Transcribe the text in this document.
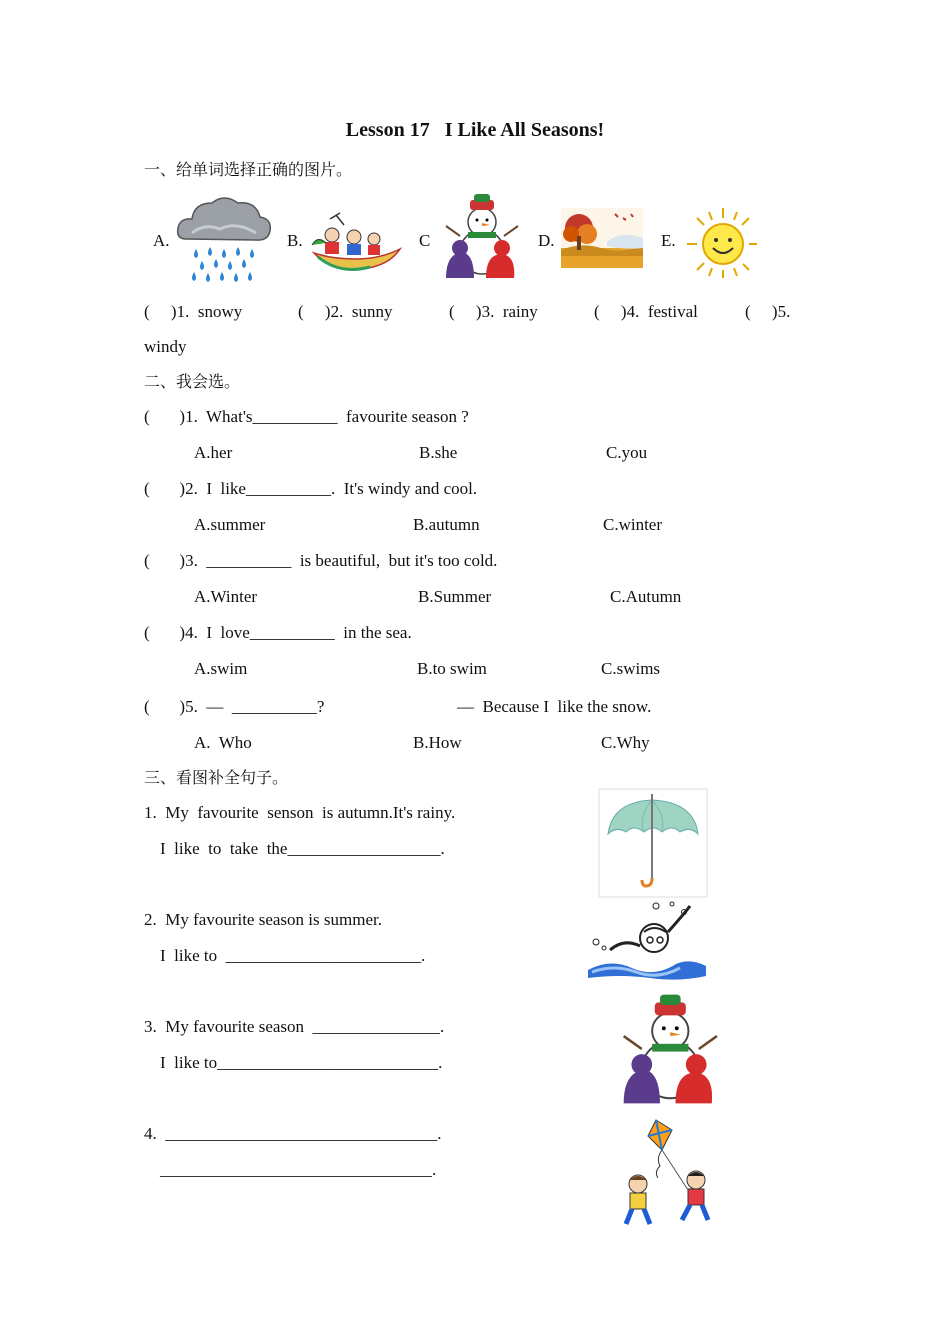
Lesson 17   I Like All Seasons!
一、给单词选择正确的图片。
A.	B.	C	D.	E.
(     )1.  snowy	(     )2.  sunny	(     )3.  rainy	(     )4.  festival	(     )5.
windy
二、我会选。
(       )1.  What's__________  favourite season ?
A.her	B.she	C.you
(       )2.  I  like__________.  It's windy and cool.
A.summer	B.autumn	C.winter
(       )3.  __________  is beautiful,  but it's too cold.
A.Winter	B.Summer	C.Autumn
(       )4.  I  love__________  in the sea.
A.swim	B.to swim	C.swims
(       )5.  —  __________?	—  Because I  like the snow.
A.  Who	B.How	C.Why
三、看图补全句子。
1.  My  favourite  senson  is autumn.It's rainy.
I  like  to  take  the__________________.
2.  My favourite season is summer.
I  like to  _______________________.
3.  My favourite season  _______________.
I  like to__________________________.
4.  ________________________________.
________________________________.
